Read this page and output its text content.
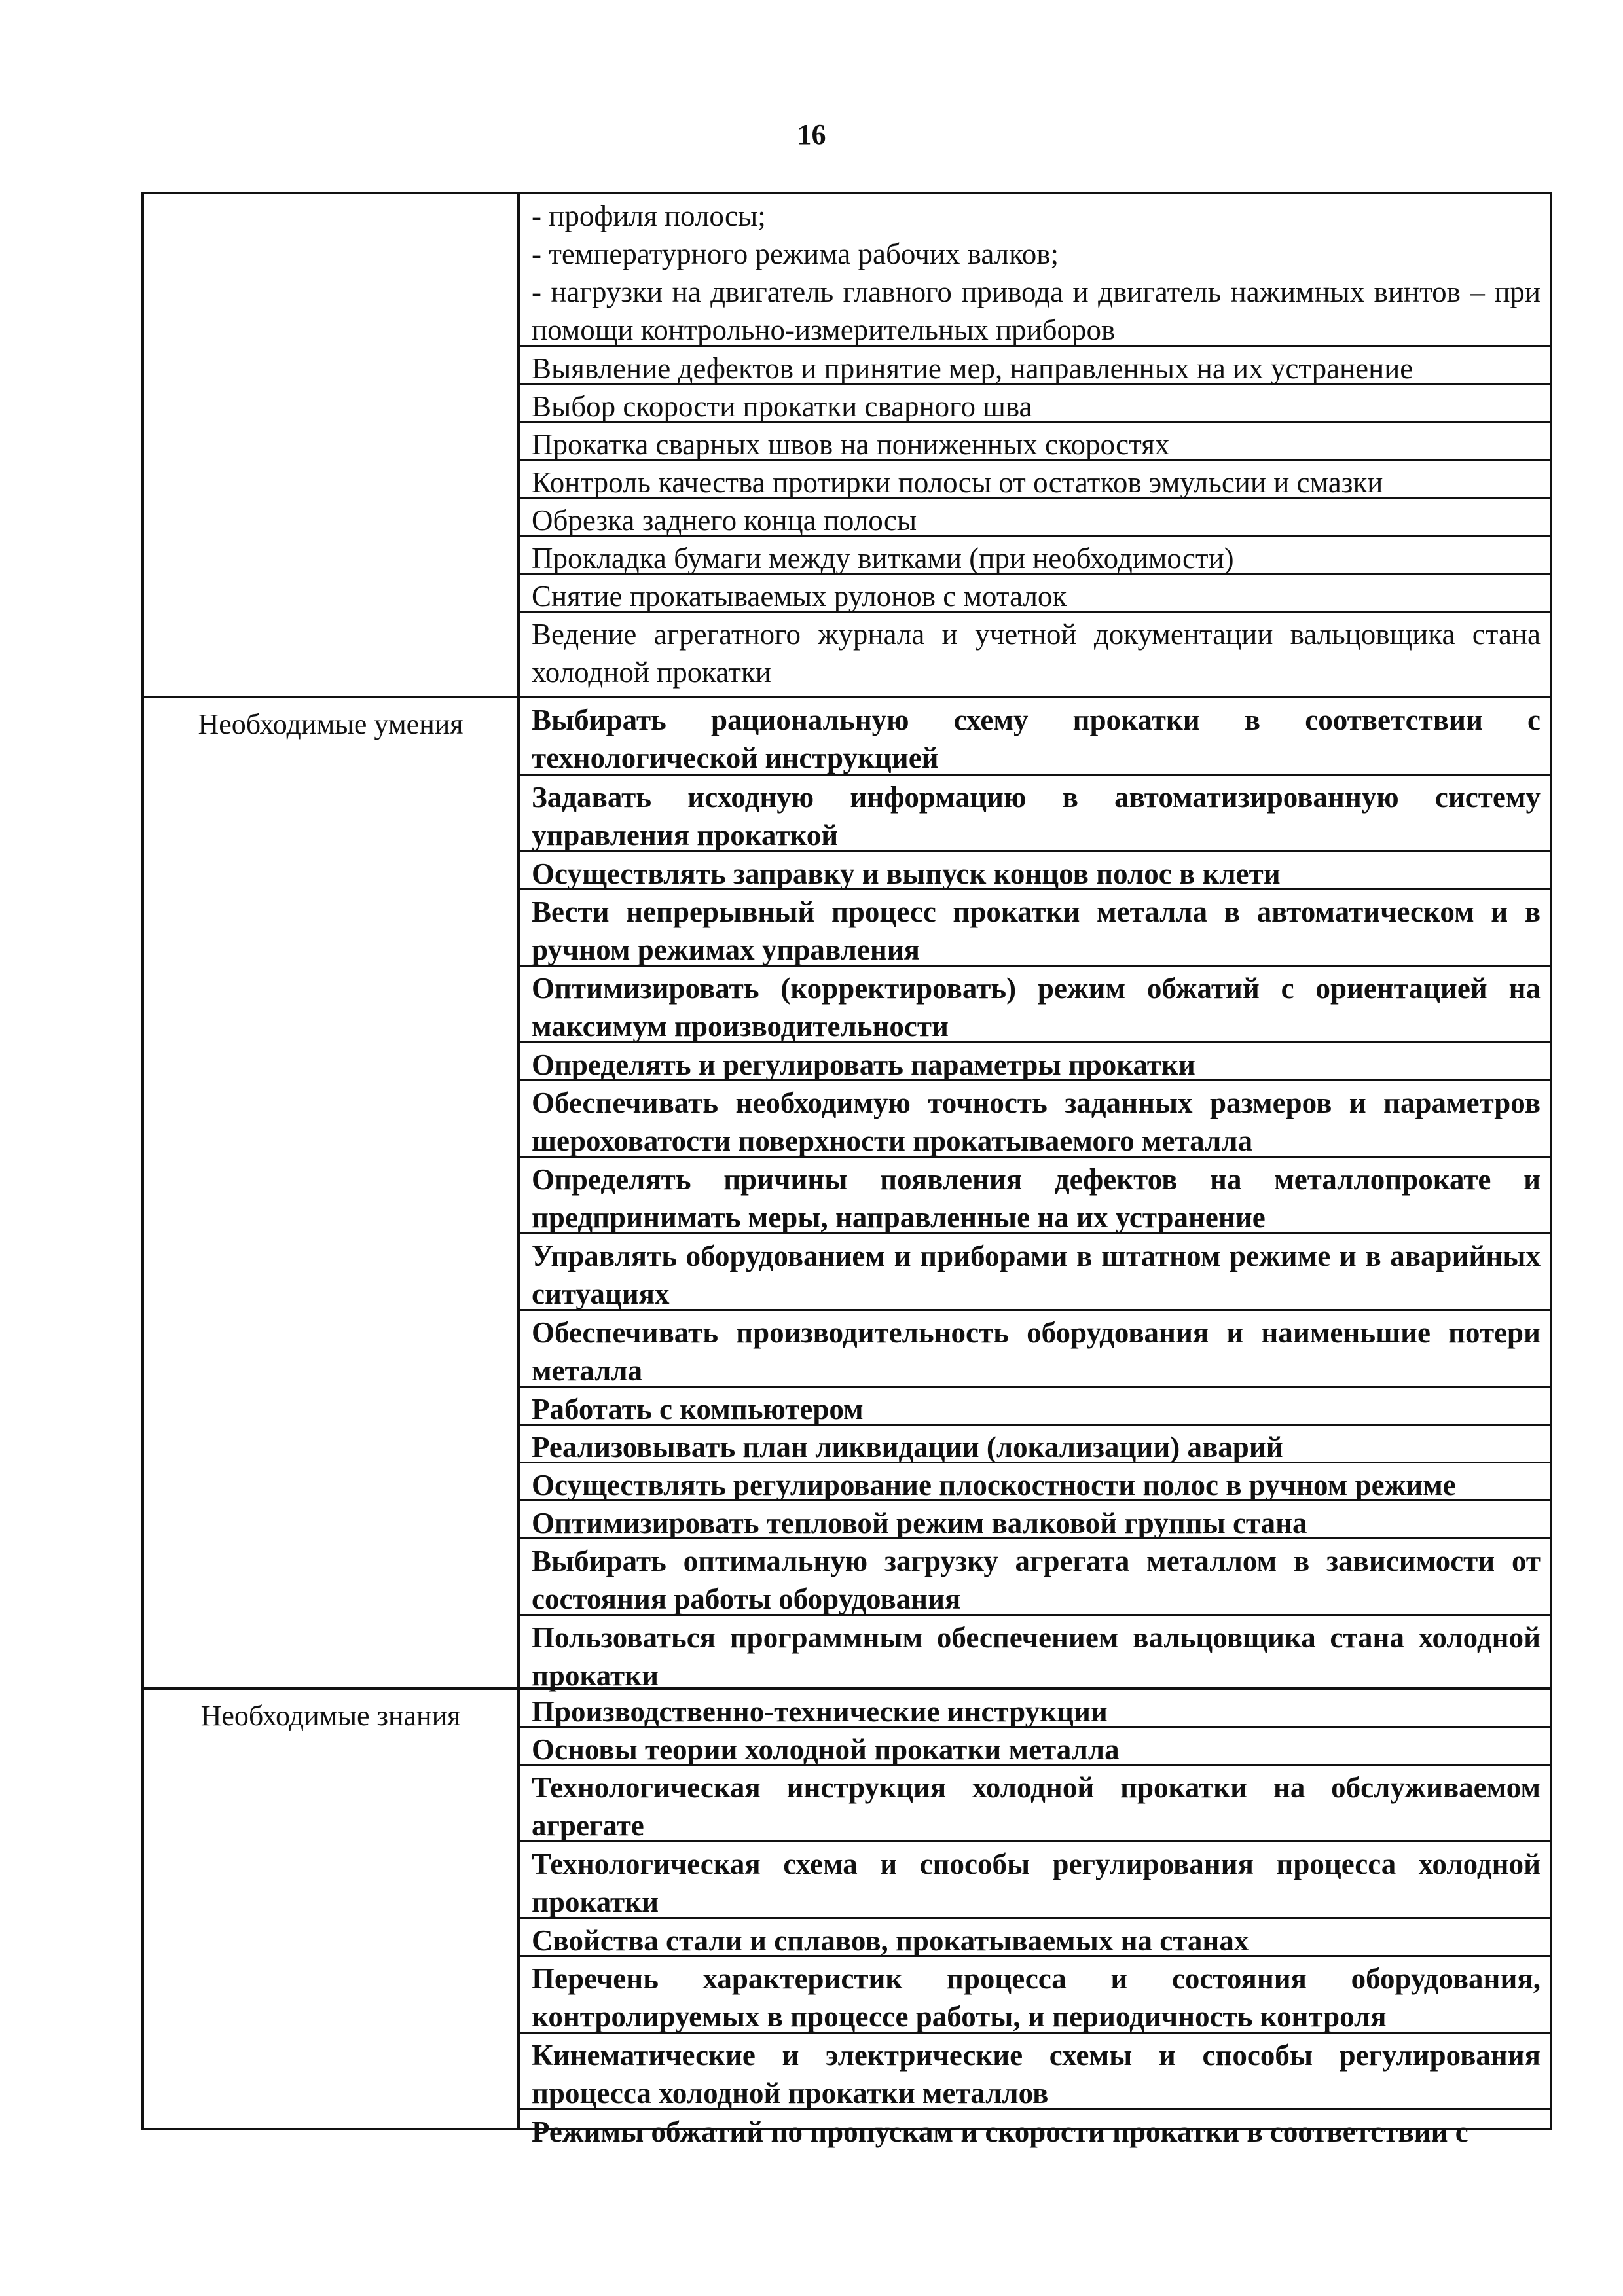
16
- профиля полосы;
- температурного режима рабочих валков;
- нагрузки на двигатель главного привода и двигатель нажимных винтов – при помощи контрольно-измерительных приборов
Выявление дефектов и принятие мер, направленных на их устранение
Выбор скорости прокатки сварного шва
Прокатка сварных швов на пониженных скоростях
Контроль качества протирки полосы от остатков эмульсии и смазки
Обрезка заднего конца полосы
Прокладка бумаги между витками (при необходимости)
Снятие прокатываемых рулонов с моталок
Ведение агрегатного журнала и учетной документации вальцовщика стана холодной прокатки
Необходимые умения	Выбирать рациональную схему прокатки в соответствии с технологической инструкцией
Задавать исходную информацию в автоматизированную систему управления прокаткой
Осуществлять заправку и выпуск концов полос в клети
Вести непрерывный процесс прокатки металла в автоматическом и в ручном режимах управления
Оптимизировать (корректировать) режим обжатий с ориентацией на максимум производительности
Определять и регулировать параметры прокатки
Обеспечивать необходимую точность заданных размеров и параметров шероховатости поверхности прокатываемого металла
Определять причины появления дефектов на металлопрокате и предпринимать меры, направленные на их устранение
Управлять оборудованием и приборами в штатном режиме и в аварийных ситуациях
Обеспечивать производительность оборудования и наименьшие потери металла
Работать с компьютером
Реализовывать план ликвидации (локализации) аварий
Осуществлять регулирование плоскостности полос в ручном режиме
Оптимизировать тепловой режим валковой группы стана
Выбирать оптимальную загрузку агрегата металлом в зависимости от состояния работы оборудования
Пользоваться программным обеспечением вальцовщика стана холодной прокатки
Необходимые знания	Производственно-технические инструкции
Основы теории холодной прокатки металла
Технологическая инструкция холодной прокатки на обслуживаемом агрегате
Технологическая схема и способы регулирования процесса холодной прокатки
Свойства стали и сплавов, прокатываемых на станах
Перечень характеристик процесса и состояния оборудования, контролируемых в процессе работы, и периодичность контроля
Кинематические и электрические схемы и способы регулирования процесса холодной прокатки металлов
Режимы обжатий по пропускам и скорости прокатки в соответствии с
